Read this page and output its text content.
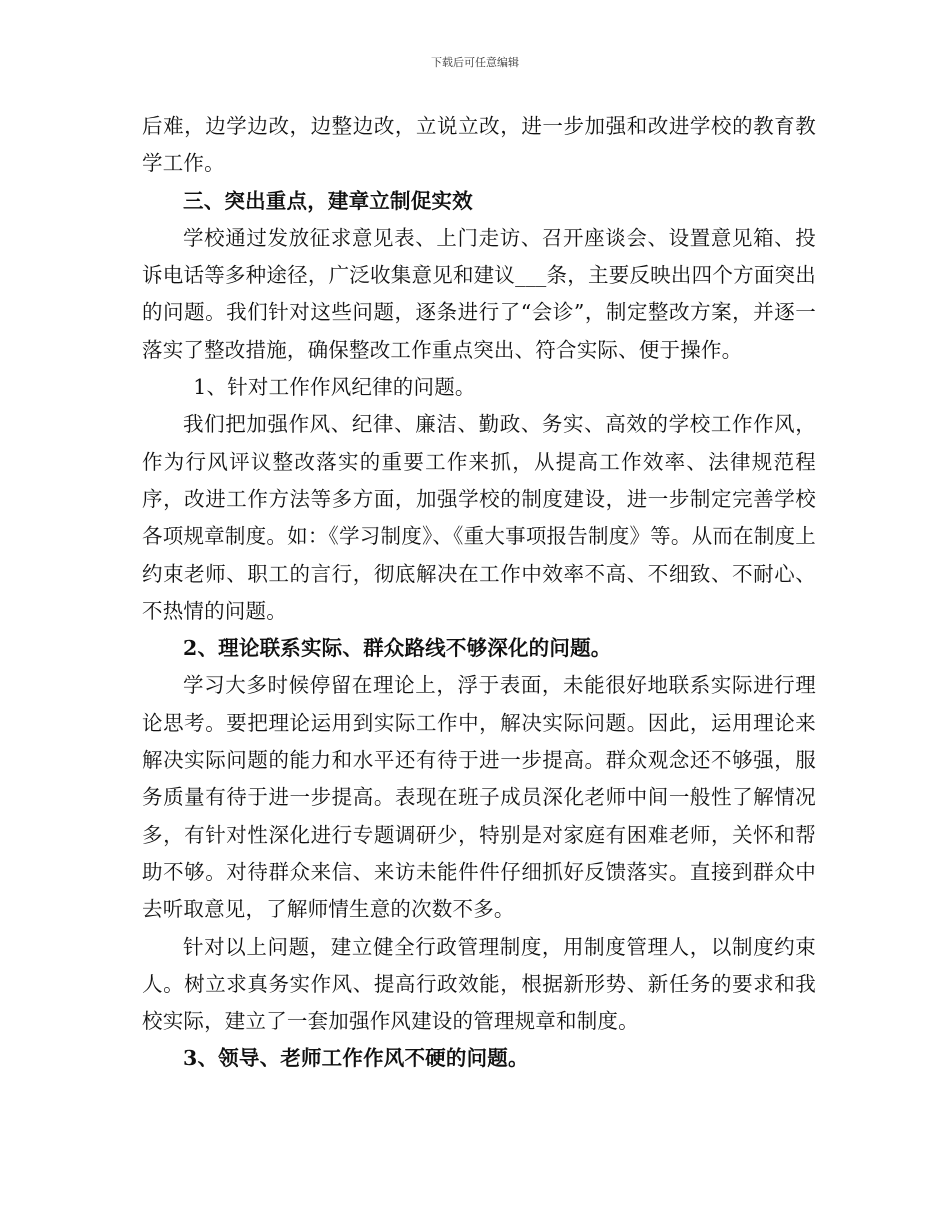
下载后可任意编辑

后难，边学边改，边整边改，立说立改，进一步加强和改进学校的教育教学工作。

三、突出重点，建章立制促实效

学校通过发放征求意见表、上门走访、召开座谈会、设置意见箱、投诉电话等多种途径，广泛收集意见和建议___条，主要反映出四个方面突出的问题。我们针对这些问题，逐条进行了“会诊”，制定整改方案，并逐一落实了整改措施，确保整改工作重点突出、符合实际、便于操作。

1、针对工作作风纪律的问题。

我们把加强作风、纪律、廉洁、勤政、务实、高效的学校工作作风，作为行风评议整改落实的重要工作来抓，从提高工作效率、法律规范程序，改进工作方法等多方面，加强学校的制度建设，进一步制定完善学校各项规章制度。如：《学习制度》、《重大事项报告制度》等。从而在制度上约束老师、职工的言行，彻底解决在工作中效率不高、不细致、不耐心、不热情的问题。

2、理论联系实际、群众路线不够深化的问题。

学习大多时候停留在理论上，浮于表面，未能很好地联系实际进行理论思考。要把理论运用到实际工作中，解决实际问题。因此，运用理论来解决实际问题的能力和水平还有待于进一步提高。群众观念还不够强，服务质量有待于进一步提高。表现在班子成员深化老师中间一般性了解情况多，有针对性深化进行专题调研少，特别是对家庭有困难老师，关怀和帮助不够。对待群众来信、来访未能件件仔细抓好反馈落实。直接到群众中去听取意见，了解师情生意的次数不多。

针对以上问题，建立健全行政管理制度，用制度管理人，以制度约束人。树立求真务实作风、提高行政效能，根据新形势、新任务的要求和我校实际，建立了一套加强作风建设的管理规章和制度。

3、领导、老师工作作风不硬的问题。
